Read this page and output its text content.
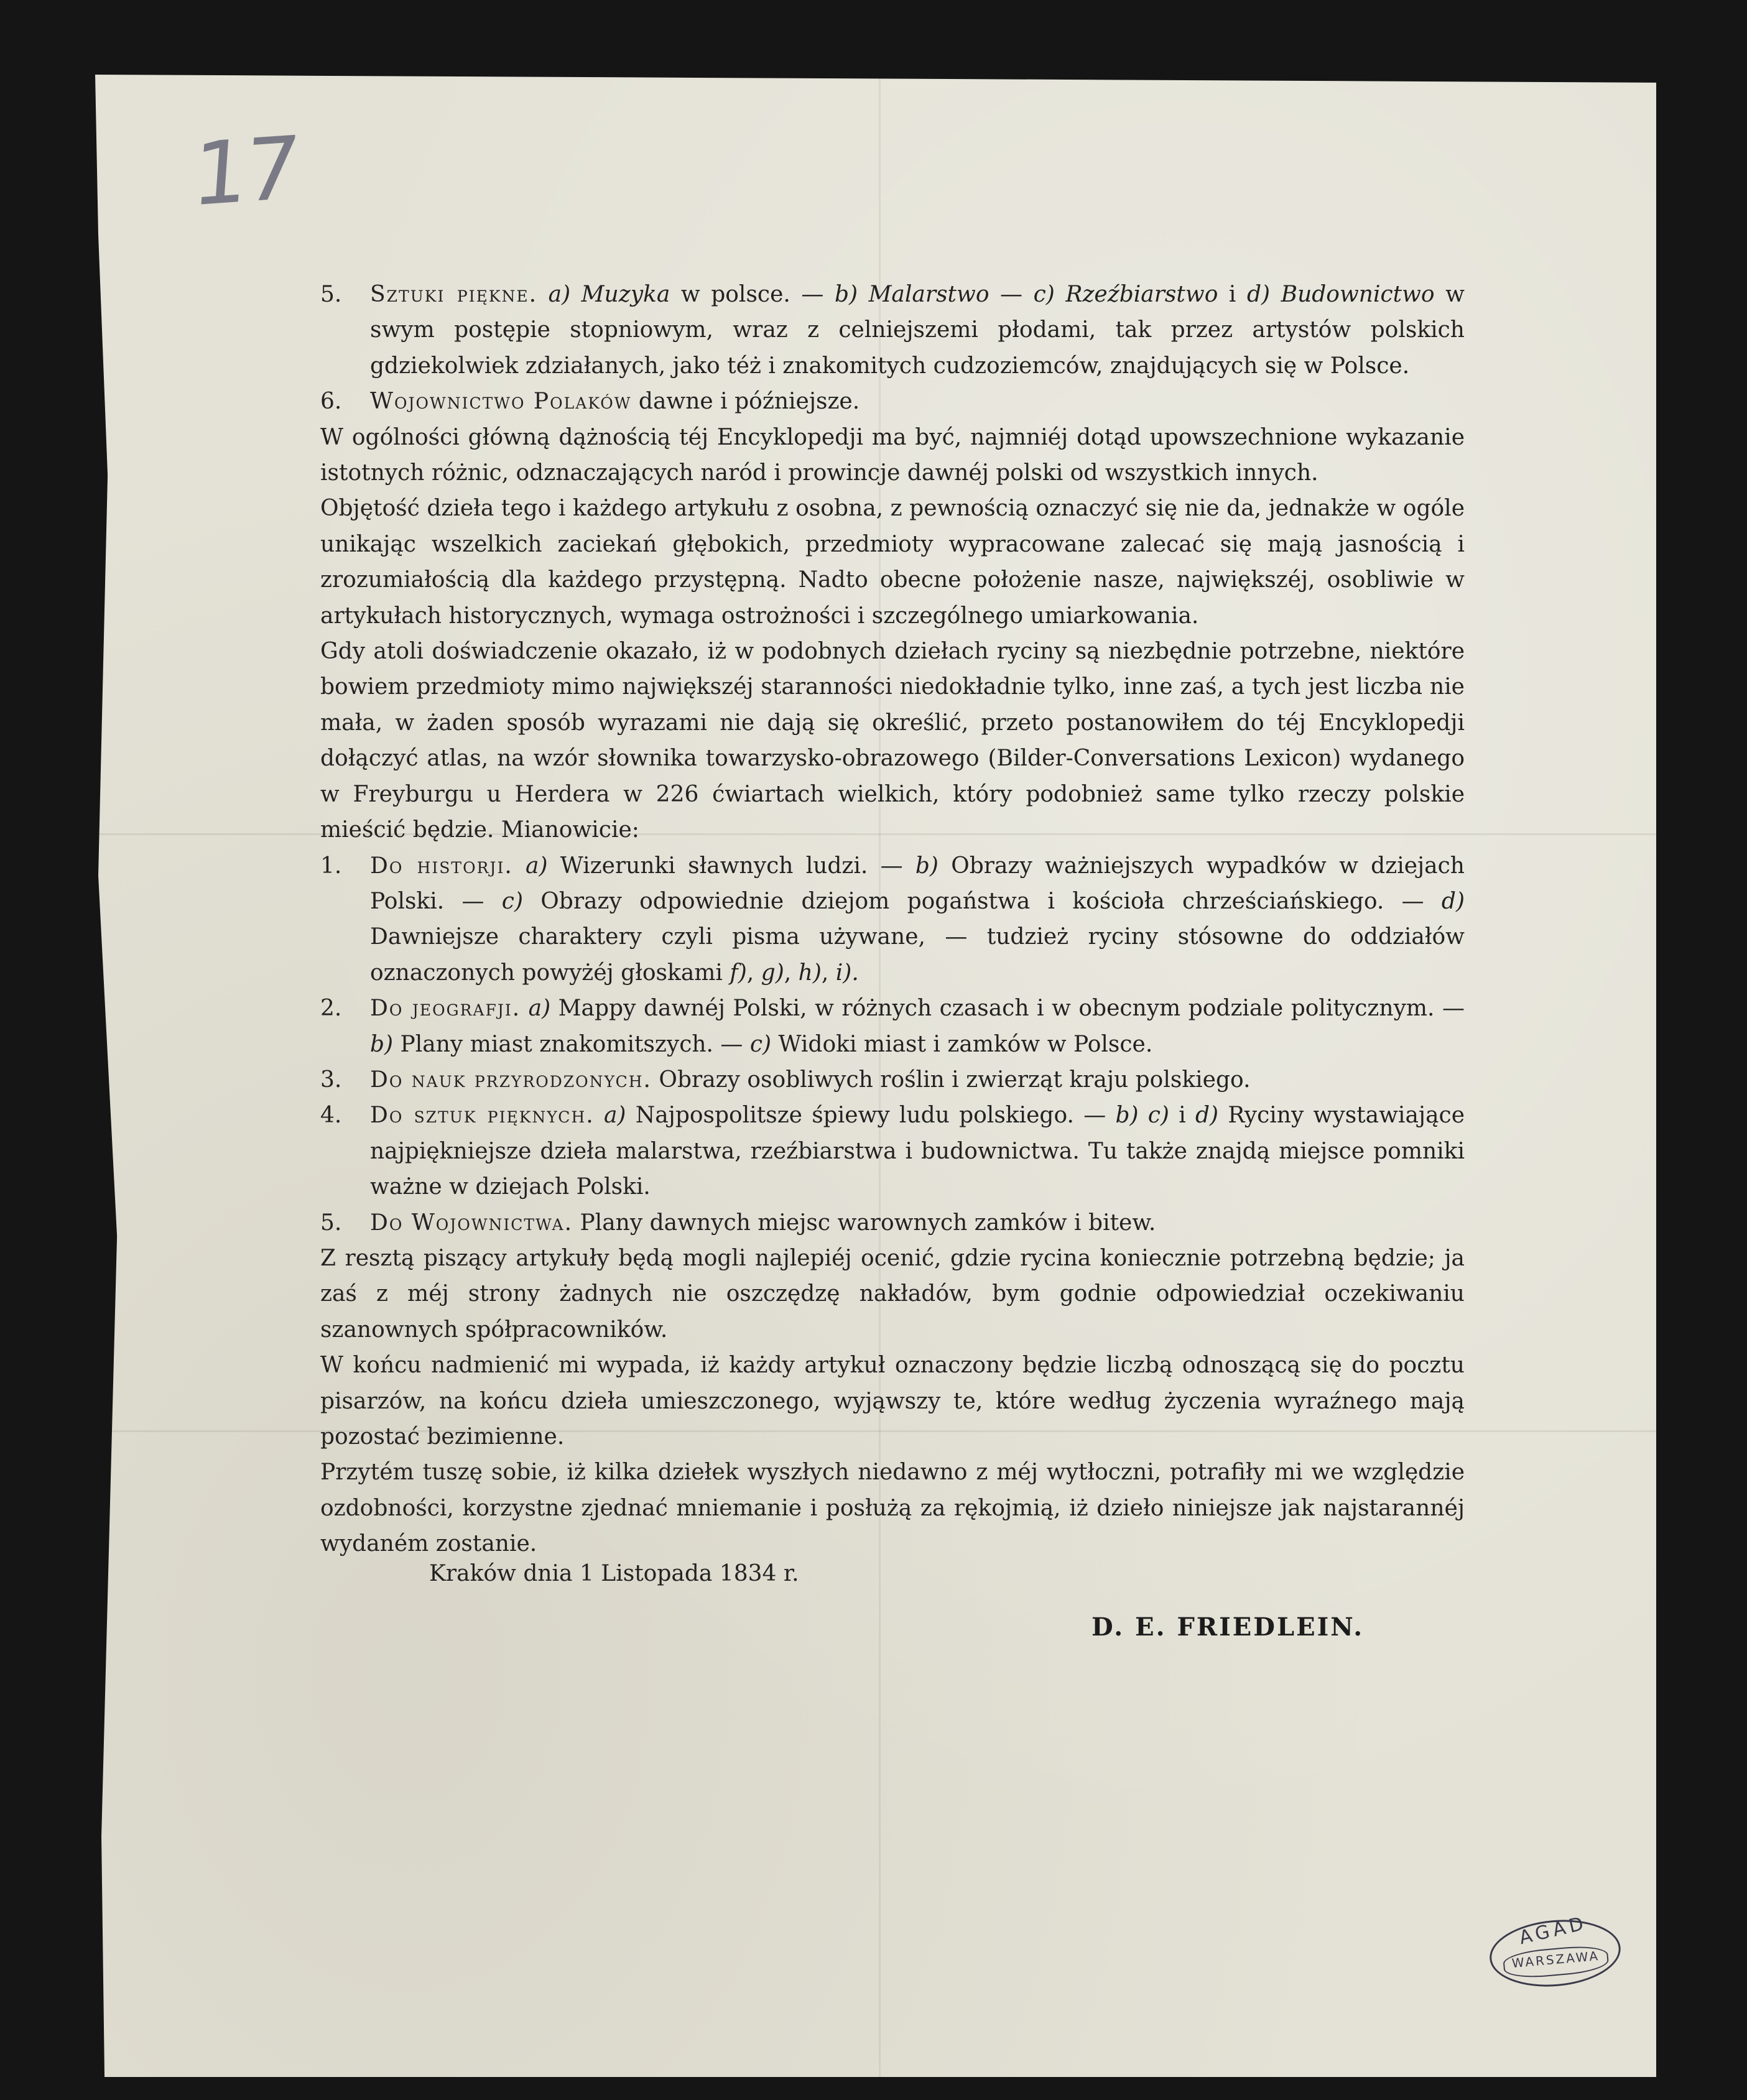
17
5.	Sztuki piękne. a) Muzyka w polsce. — b) Malarstwo — c) Rzeźbiarstwo i d) Budownictwo w swym postępie stopniowym, wraz z celniejszemi płodami, tak przez artystów polskich gdziekolwiek zdziałanych, jako téż i znakomitych cudzoziemców, znajdujących się w Polsce.
6.	Wojownictwo Polaków dawne i późniejsze.

W ogólności główną dążnością téj Encyklopedji ma być, najmniéj dotąd upowszechnione wykazanie istotnych różnic, odznaczających naród i prowincje dawnéj polski od wszystkich innych.

Objętość dzieła tego i każdego artykułu z osobna, z pewnością oznaczyć się nie da, jednakże w ogóle unikając wszelkich zaciekań głębokich, przedmioty wypracowane zalecać się mają jasnością i zrozumiałością dla każdego przystępną. Nadto obecne położenie nasze, największéj, osobliwie w artykułach historycznych, wymaga ostrożności i szczególnego umiarkowania.

Gdy atoli doświadczenie okazało, iż w podobnych dziełach ryciny są niezbędnie potrzebne, niektóre bowiem przedmioty mimo największéj staranności niedokładnie tylko, inne zaś, a tych jest liczba nie mała, w żaden sposób wyrazami nie dają się określić, przeto postanowiłem do téj Encyklopedji dołączyć atlas, na wzór słownika towarzysko-obrazowego (Bilder-Conversations Lexicon) wydanego w Freyburgu u Herdera w 226 ćwiartach wielkich, który podobnież same tylko rzeczy polskie mieścić będzie. Mianowicie:

1.	Do historji. a) Wizerunki sławnych ludzi. — b) Obrazy ważniejszych wypadków w dziejach Polski. — c) Obrazy odpowiednie dziejom pogaństwa i kościoła chrześciańskiego. — d) Dawniejsze charaktery czyli pisma używane, — tudzież ryciny stósowne do oddziałów oznaczonych powyżéj głoskami f), g), h), i).
2.	Do jeografji. a) Mappy dawnéj Polski, w różnych czasach i w obecnym podziale politycznym. — b) Plany miast znakomitszych. — c) Widoki miast i zamków w Polsce.
3.	Do nauk przyrodzonych. Obrazy osobliwych roślin i zwierząt kraju polskiego.
4.	Do sztuk pięknych. a) Najpospolitsze śpiewy ludu polskiego. — b) c) i d) Ryciny wystawiające najpiękniejsze dzieła malarstwa, rzeźbiarstwa i budownictwa. Tu także znajdą miejsce pomniki ważne w dziejach Polski.
5.	Do Wojownictwa. Plany dawnych miejsc warownych zamków i bitew.

Z resztą piszący artykuły będą mogli najlepiéj ocenić, gdzie rycina koniecznie potrzebną będzie; ja zaś z méj strony żadnych nie oszczędzę nakładów, bym godnie odpowiedział oczekiwaniu szanownych spółpracowników.

W końcu nadmienić mi wypada, iż każdy artykuł oznaczony będzie liczbą odnoszącą się do pocztu pisarzów, na końcu dzieła umieszczonego, wyjąwszy te, które według życzenia wyraźnego mają pozostać bezimienne.

Przytém tuszę sobie, iż kilka dziełek wyszłych niedawno z méj wytłoczni, potrafiły mi we względzie ozdobności, korzystne zjednać mniemanie i posłużą za rękojmią, iż dzieło niniejsze jak najstarannéj wydaném zostanie.

Kraków dnia 1 Listopada 1834 r.
D. E. FRIEDLEIN.
AGAD
WARSZAWA
